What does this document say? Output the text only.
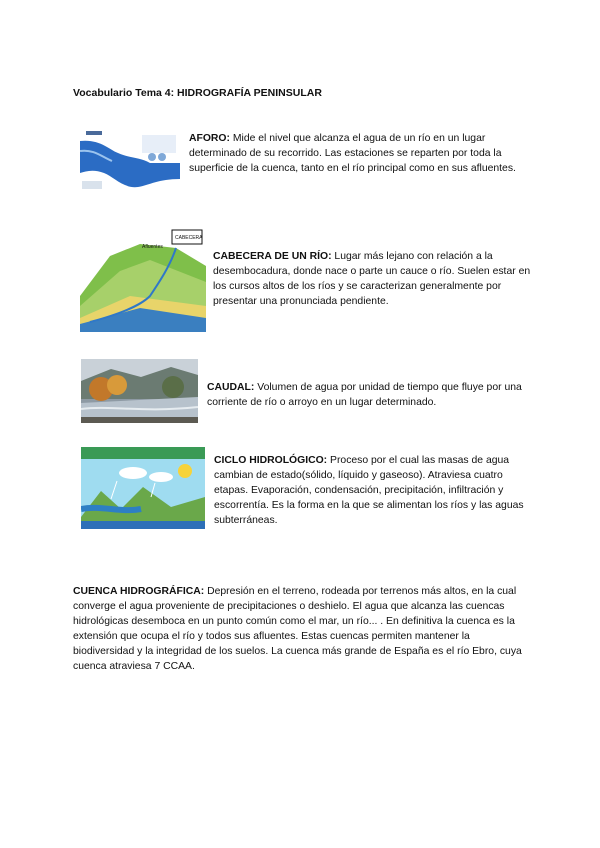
Vocabulario Tema 4: HIDROGRAFÍA PENINSULAR
AFORO: Mide el nivel que alcanza el agua de un río en un lugar determinado de su recorrido. Las estaciones se reparten por toda la superficie de la cuenca, tanto en el río principal como en sus afluentes.
CABECERA
Afluentes
CABECERA DE UN RÍO: Lugar más lejano con relación a la desembocadura, donde nace o parte un cauce o río. Suelen estar en los cursos altos de los ríos y se caracterizan generalmente por presentar una pronunciada pendiente.
CAUDAL: Volumen de agua por unidad de tiempo que fluye por una corriente de río o arroyo en un lugar determinado.
CICLO HIDROLÓGICO: Proceso por el cual las masas de agua cambian de estado(sólido, líquido y gaseoso). Atraviesa cuatro etapas. Evaporación, condensación, precipitación, infiltración y escorrentía. Es la forma en la que se alimentan los ríos y las aguas subterráneas.
CUENCA HIDROGRÁFICA: Depresión en el terreno, rodeada por terrenos más altos, en la cual converge el agua proveniente de precipitaciones o deshielo. El agua que alcanza las cuencas hidrológicas desemboca en un punto común como el mar, un río... . En definitiva la cuenca es la extensión que ocupa el río y todos sus afluentes. Estas cuencas permiten mantener la biodiversidad y la integridad de los suelos. La cuenca más grande de España es el río Ebro, cuya cuenca atraviesa 7 CCAA.
